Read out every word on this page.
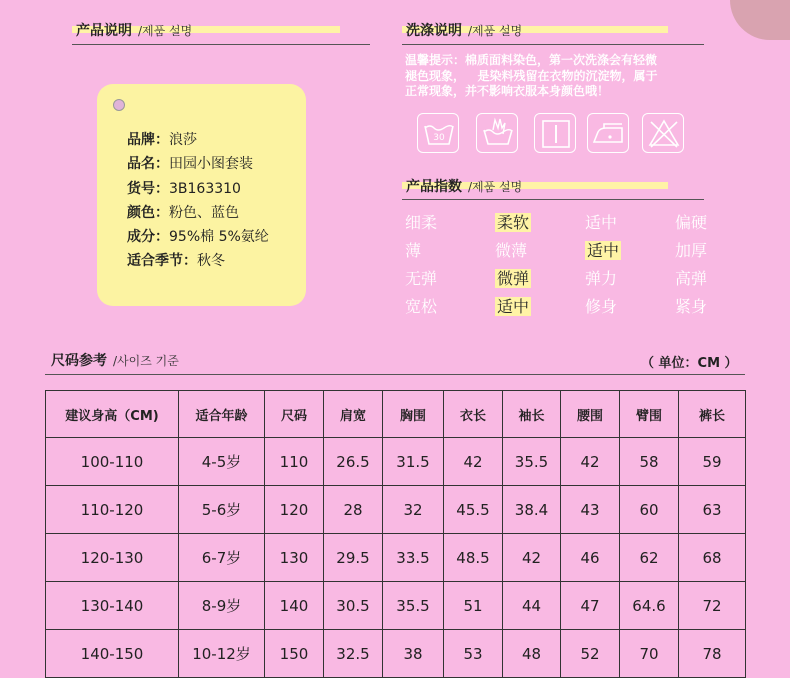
产品说明 /제품 설명
品牌：浪莎
品名：田园小图套装
货号：3B163310
颜色：粉色、蓝色
成分：95%棉 5%氨纶
适合季节：秋冬
洗涤说明 /제품 설명
温馨提示：棉质面料染色，第一次洗涤会有轻微
褪色现象，   是染料残留在衣物的沉淀物，属于
正常现象，并不影响衣服本身颜色哦！
30
产品指数 /제품 설명
细柔	柔软	适中	偏硬
薄	微薄	适中	加厚
无弹	微弹	弹力	高弹
宽松	适中	修身	紧身
尺码参考 /사이즈 기준	（ 单位：CM ）
建议身高（CM)	适合年龄	尺码	肩宽	胸围	衣长	袖长	腰围	臂围	裤长
100-110	4-5岁	110	26.5	31.5	42	35.5	42	58	59
110-120	5-6岁	120	28	32	45.5	38.4	43	60	63
120-130	6-7岁	130	29.5	33.5	48.5	42	46	62	68
130-140	8-9岁	140	30.5	35.5	51	44	47	64.6	72
140-150	10-12岁	150	32.5	38	53	48	52	70	78
